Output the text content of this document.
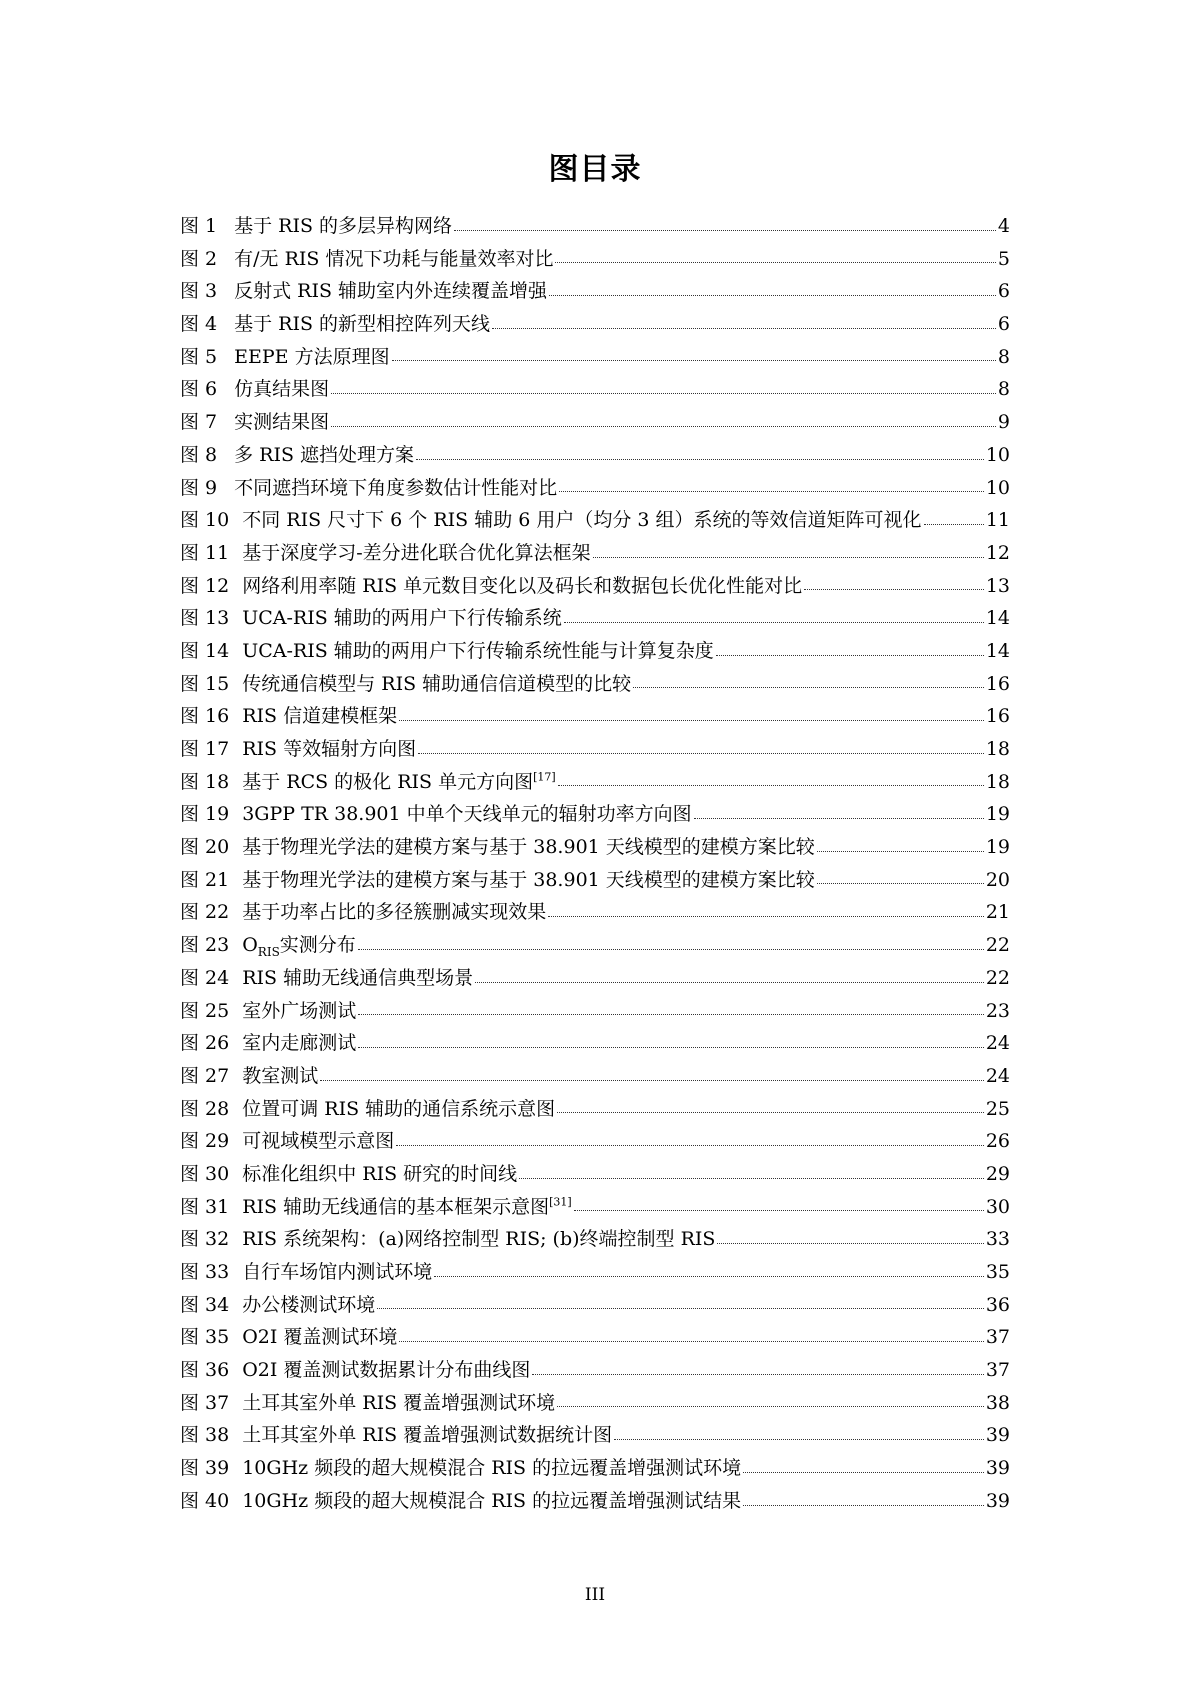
图目录
图 1 基于 RIS 的多层异构网络	4
图 2 有/无 RIS 情况下功耗与能量效率对比	5
图 3 反射式 RIS 辅助室内外连续覆盖增强	6
图 4 基于 RIS 的新型相控阵列天线	6
图 5 EEPE 方法原理图	8
图 6 仿真结果图	8
图 7 实测结果图	9
图 8 多 RIS 遮挡处理方案	10
图 9 不同遮挡环境下角度参数估计性能对比	10
图 10 不同 RIS 尺寸下 6 个 RIS 辅助 6 用户（均分 3 组）系统的等效信道矩阵可视化	11
图 11 基于深度学习-差分进化联合优化算法框架	12
图 12 网络利用率随 RIS 单元数目变化以及码长和数据包长优化性能对比	13
图 13 UCA-RIS 辅助的两用户下行传输系统	14
图 14 UCA-RIS 辅助的两用户下行传输系统性能与计算复杂度	14
图 15 传统通信模型与 RIS 辅助通信信道模型的比较	16
图 16 RIS 信道建模框架	16
图 17 RIS 等效辐射方向图	18
图 18 基于 RCS 的极化 RIS 单元方向图[17]	18
图 19 3GPP TR 38.901 中单个天线单元的辐射功率方向图	19
图 20 基于物理光学法的建模方案与基于 38.901 天线模型的建模方案比较	19
图 21 基于物理光学法的建模方案与基于 38.901 天线模型的建模方案比较	20
图 22 基于功率占比的多径簇删减实现效果	21
图 23 $O_{RIS}$实测分布	22
图 24 RIS 辅助无线通信典型场景	22
图 25 室外广场测试	23
图 26 室内走廊测试	24
图 27 教室测试	24
图 28 位置可调 RIS 辅助的通信系统示意图	25
图 29 可视域模型示意图	26
图 30 标准化组织中 RIS 研究的时间线	29
图 31 RIS 辅助无线通信的基本框架示意图[31]	30
图 32 RIS 系统架构：(a)网络控制型 RIS; (b)终端控制型 RIS	33
图 33 自行车场馆内测试环境	35
图 34 办公楼测试环境	36
图 35 O2I 覆盖测试环境	37
图 36 O2I 覆盖测试数据累计分布曲线图	37
图 37 土耳其室外单 RIS 覆盖增强测试环境	38
图 38 土耳其室外单 RIS 覆盖增强测试数据统计图	39
图 39 10GHz 频段的超大规模混合 RIS 的拉远覆盖增强测试环境	39
图 40 10GHz 频段的超大规模混合 RIS 的拉远覆盖增强测试结果	39
III
